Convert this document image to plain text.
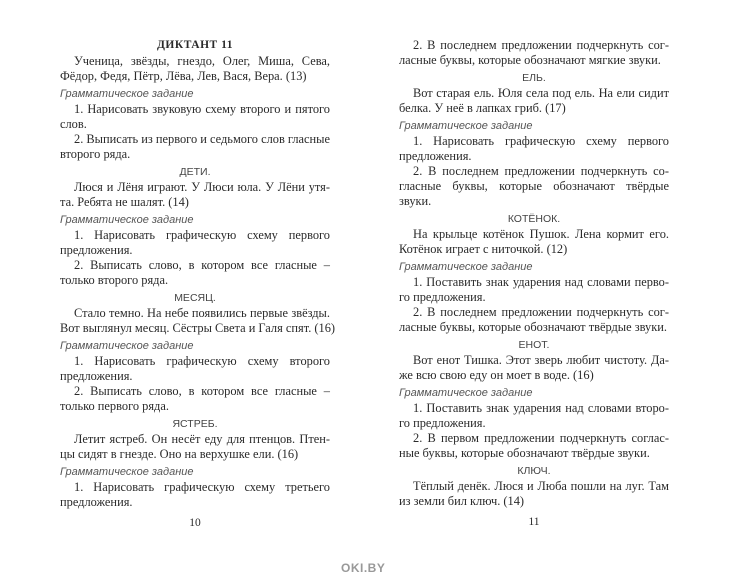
ДИКТАНТ 11
Ученица, звёзды, гнездо, Олег, Миша, Сева,
Фёдор, Федя, Пётр, Лёва, Лев, Вася, Вера. (13)
Грамматическое задание
1. Нарисовать звуковую схему второго и пятого
слов.
2. Выписать из первого и седьмого слов гласные
второго ряда.
ДЕТИ.
Люся и Лёня играют. У Люси юла. У Лёни утя-
та. Ребята не шалят. (14)
Грамматическое задание
1. Нарисовать графическую схему первого
предложения.
2. Выписать слово, в котором все гласные –
только второго ряда.
МЕСЯЦ.
Стало темно. На небе появились первые звёзды.
Вот выглянул месяц. Сёстры Света и Галя спят. (16)
Грамматическое задание
1. Нарисовать графическую схему второго
предложения.
2. Выписать слово, в котором все гласные –
только первого ряда.
ЯСТРЕБ.
Летит ястреб. Он несёт еду для птенцов. Птен-
цы сидят в гнезде. Оно на верхушке ели. (16)
Грамматическое задание
1. Нарисовать графическую схему третьего
предложения.
10
2. В последнем предложении подчеркнуть сог-
ласные буквы, которые обозначают мягкие звуки.
ЕЛЬ.
Вот старая ель. Юля села под ель. На ели сидит
белка. У неё в лапках гриб. (17)
Грамматическое задание
1. Нарисовать графическую схему первого
предложения.
2. В последнем предложении подчеркнуть со-
гласные буквы, которые обозначают твёрдые
звуки.
КОТЁНОК.
На крыльце котёнок Пушок. Лена кормит его.
Котёнок играет с ниточкой. (12)
Грамматическое задание
1. Поставить знак ударения над словами перво-
го предложения.
2. В последнем предложении подчеркнуть сог-
ласные буквы, которые обозначают твёрдые звуки.
ЕНОТ.
Вот енот Тишка. Этот зверь любит чистоту. Да-
же всю свою еду он моет в воде. (16)
Грамматическое задание
1. Поставить знак ударения над словами второ-
го предложения.
2. В первом предложении подчеркнуть соглас-
ные буквы, которые обозначают твёрдые звуки.
КЛЮЧ.
Тёплый денёк. Люся и Люба пошли на луг. Там
из земли бил ключ. (14)
11
OKI.BY
